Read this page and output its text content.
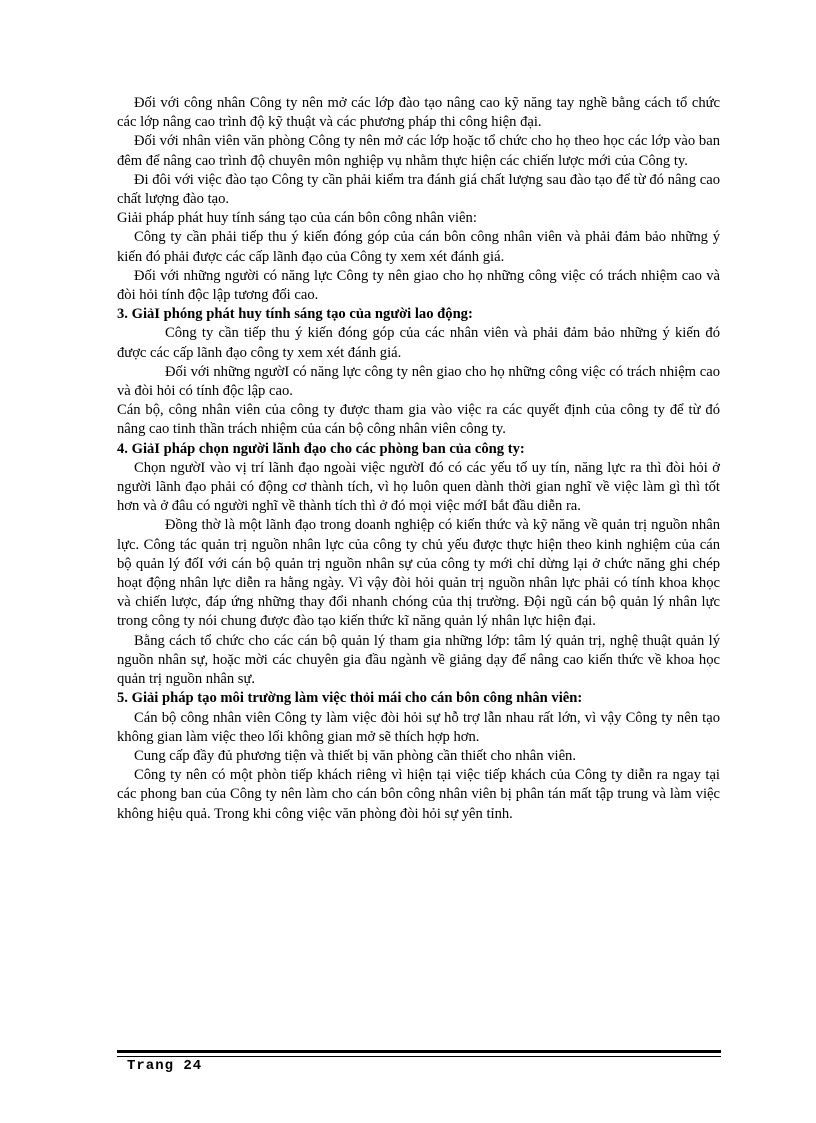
Đối với công nhân Công ty nên mở các lớp đào tạo nâng cao kỹ năng tay nghề bằng cách tổ chức các lớp nâng cao trình độ kỹ thuật và các phương pháp thi công hiện đại.

Đối với nhân viên văn phòng Công ty nên mở các lớp hoặc tổ chức cho họ theo học các lớp vào ban đêm để nâng cao trình độ chuyên môn nghiệp vụ nhằm thực hiện các chiến lược mới của Công ty.

Đi đôi với việc đào tạo Công ty cần phải kiểm tra đánh giá chất lượng sau đào tạo để từ đó nâng cao chất lượng đào tạo.

Giải pháp phát huy tính sáng tạo của cán bôn công nhân viên:

Công ty cần phải tiếp thu ý kiến đóng góp của cán bôn công nhân viên và phải đảm bảo những ý kiến đó phải được các cấp lãnh đạo của Công ty xem xét đánh giá.

Đối với những người có năng lực Công ty nên giao cho họ những công việc có trách nhiệm cao và đòi hỏi tính độc lập tương đối cao.

3. GiảI phóng phát huy tính sáng tạo của người lao động:

Công ty cần tiếp thu ý kiến đóng góp của các nhân viên và phải đảm bảo những ý kiến đó được các cấp lãnh đạo công ty xem xét đánh giá.

Đối với những ngườI có năng lực công ty nên giao cho họ những công việc có trách nhiệm cao và đòi hỏi có tính độc lập cao.

Cán bộ, công nhân viên của công ty được tham gia vào việc ra các quyết định của công ty để từ đó nâng cao tinh thần trách nhiệm của cán bộ công nhân viên công ty.

4. GiảI pháp chọn người lãnh đạo cho các phòng ban của công ty:

Chọn ngườI vào vị trí lãnh đạo ngoài việc ngườI đó có các yếu tố uy tín, năng lực ra thì đòi hỏi ở người lãnh đạo phải có động cơ thành tích, vì họ luôn quen dành thời gian nghĩ về việc làm gì thì tốt hơn và ở đâu có người nghĩ về thành tích thì ở đó mọi việc mớI bắt đầu diễn ra.

Đồng thờ là một lãnh đạo trong doanh nghiệp có kiến thức và kỹ năng về quản trị nguồn nhân lực. Công tác quản trị nguồn nhân lực của công ty chủ yếu được thực hiện theo kinh nghiệm của cán bộ quản lý đốI với cán bộ quản trị nguồn nhân sự của công ty mới chỉ dừng lại ở chức năng ghi chép hoạt động nhân lực diễn ra hằng ngày. Vì vậy đòi hỏi quản trị nguồn nhân lực phải có tính khoa khọc và chiến lược, đáp ứng những thay đổi nhanh chóng của thị trường. Đội ngũ cán bộ quản lý nhân lực trong công ty nói chung được đào tạo kiến thức kĩ năng quản lý nhân lực hiện đại.

Bằng cách tổ chức cho các cán bộ quản lý tham gia những lớp: tâm lý quản trị, nghệ thuật quản lý nguồn nhân sự, hoặc mời các chuyên gia đầu ngành về giảng dạy để nâng cao kiến thức về khoa học quản trị nguồn nhân sự.

5. Giải pháp tạo môi trường làm việc thỏi mái cho cán bôn công nhân viên:

Cán bộ công nhân viên Công ty làm việc đòi hỏi sự hỗ trợ lẫn nhau rất lớn, vì vậy Công ty nên tạo không gian làm việc theo lối không gian mở sẽ thích hợp hơn.

Cung cấp đầy đủ phương tiện và thiết bị văn phòng cần thiết cho nhân viên.

Công ty nên có một phòn tiếp khách riêng vì hiện tại việc tiếp khách của Công ty diễn ra ngay tại các phong ban của Công ty nên làm cho cán bôn công nhân viên bị phân tán mất tập trung và làm việc không hiệu quả. Trong khi công việc văn phòng đòi hỏi sự yên tỉnh.

Trang 24
